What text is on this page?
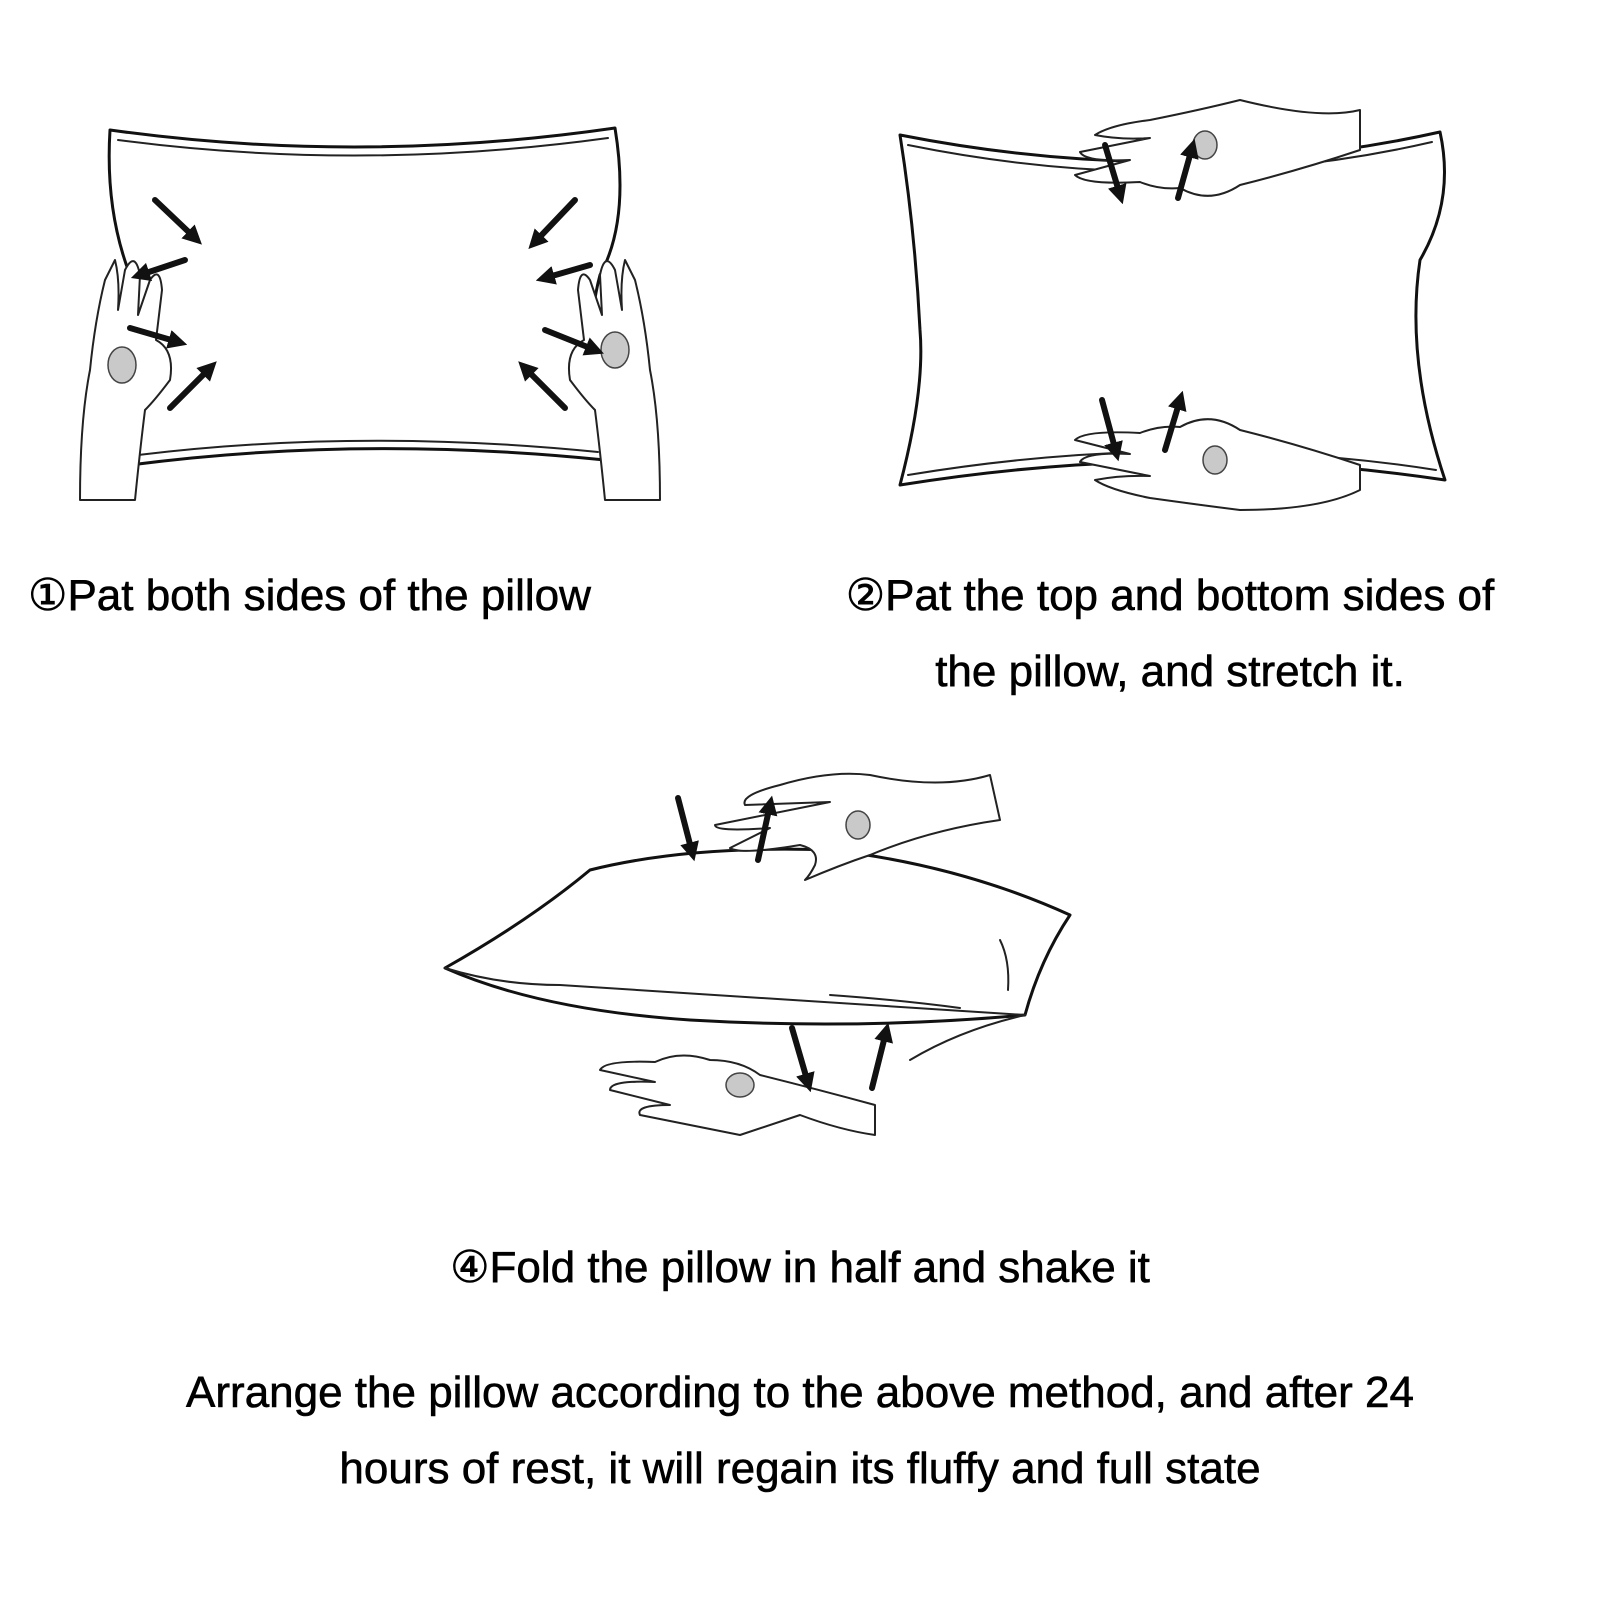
①Pat both sides of the pillow	②Pat the top and bottom sides of
the pillow, and stretch it.
④Fold the pillow in half and shake it
Arrange the pillow according to the above method, and after 24
hours of rest, it will regain its fluffy and full state
